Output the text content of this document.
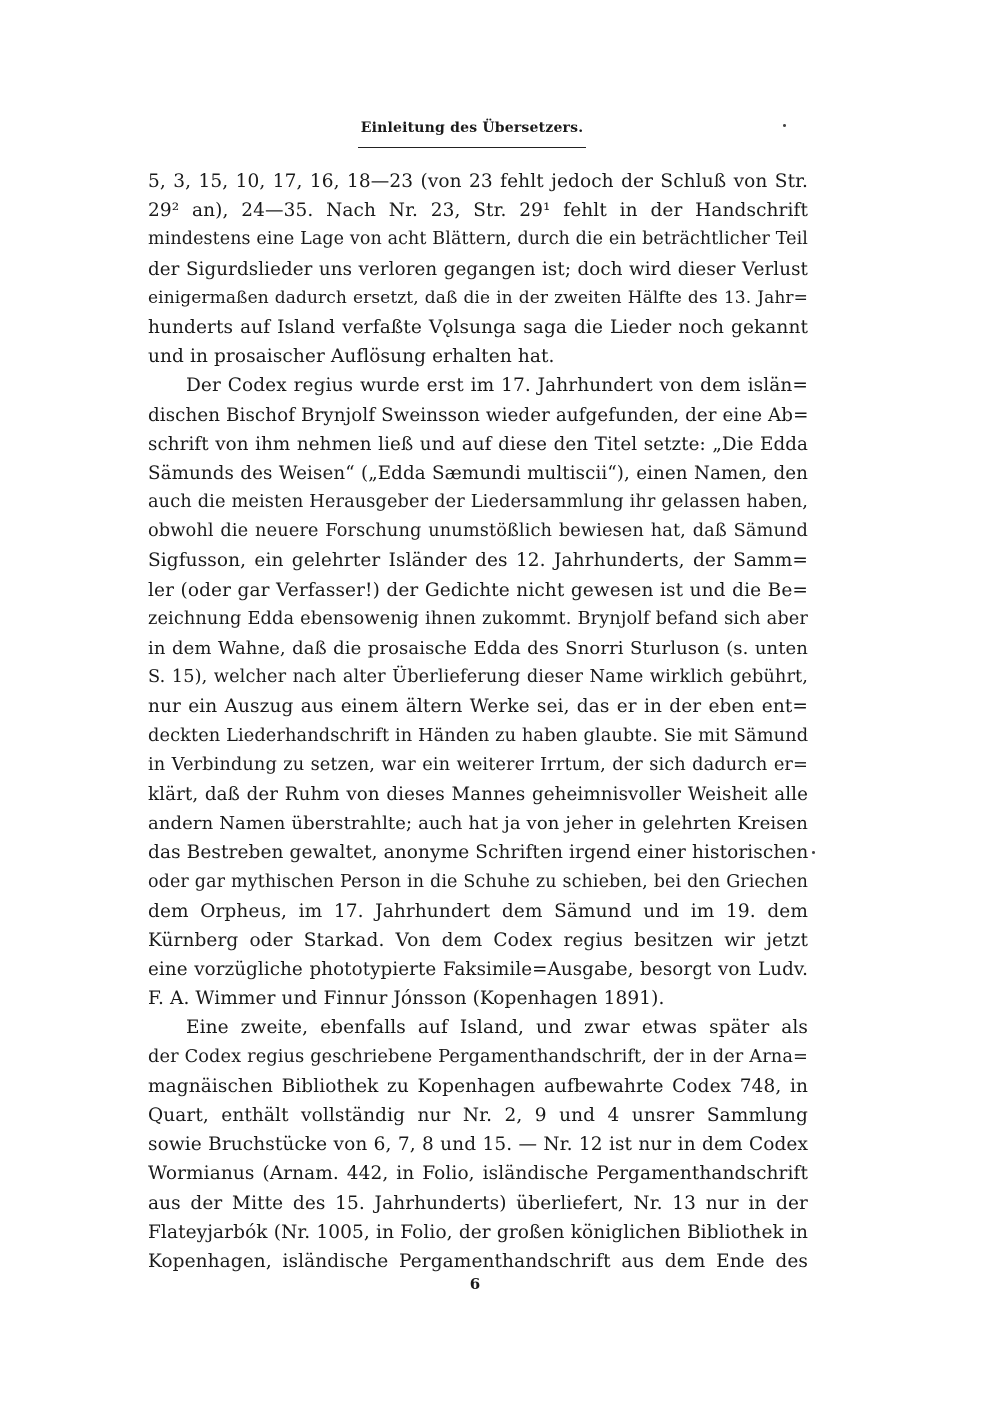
Einleitung des Übersetzers.
5, 3, 15, 10, 17, 16, 18—23 (von 23 fehlt jedoch der Schluß von Str.
29² an), 24—35. Nach Nr. 23, Str. 29¹ fehlt in der Handschrift
mindestens eine Lage von acht Blättern, durch die ein beträchtlicher Teil
der Sigurdslieder uns verloren gegangen ist; doch wird dieser Verlust
einigermaßen dadurch ersetzt, daß die in der zweiten Hälfte des 13. Jahr=
hunderts auf Island verfaßte Vǫlsunga saga die Lieder noch gekannt
und in prosaischer Auflösung erhalten hat.
Der Codex regius wurde erst im 17. Jahrhundert von dem islän=
dischen Bischof Brynjolf Sweinsson wieder aufgefunden, der eine Ab=
schrift von ihm nehmen ließ und auf diese den Titel setzte: „Die Edda
Sämunds des Weisen“ („Edda Sæmundi multiscii“), einen Namen, den
auch die meisten Herausgeber der Liedersammlung ihr gelassen haben,
obwohl die neuere Forschung unumstößlich bewiesen hat, daß Sämund
Sigfusson, ein gelehrter Isländer des 12. Jahrhunderts, der Samm=
ler (oder gar Verfasser!) der Gedichte nicht gewesen ist und die Be=
zeichnung Edda ebensowenig ihnen zukommt. Brynjolf befand sich aber
in dem Wahne, daß die prosaische Edda des Snorri Sturluson (s. unten
S. 15), welcher nach alter Überlieferung dieser Name wirklich gebührt,
nur ein Auszug aus einem ältern Werke sei, das er in der eben ent=
deckten Liederhandschrift in Händen zu haben glaubte. Sie mit Sämund
in Verbindung zu setzen, war ein weiterer Irrtum, der sich dadurch er=
klärt, daß der Ruhm von dieses Mannes geheimnisvoller Weisheit alle
andern Namen überstrahlte; auch hat ja von jeher in gelehrten Kreisen
das Bestreben gewaltet, anonyme Schriften irgend einer historischen
oder gar mythischen Person in die Schuhe zu schieben, bei den Griechen
dem Orpheus, im 17. Jahrhundert dem Sämund und im 19. dem
Kürnberg oder Starkad. Von dem Codex regius besitzen wir jetzt
eine vorzügliche phototypierte Faksimile=Ausgabe, besorgt von Ludv.
F. A. Wimmer und Finnur Jónsson (Kopenhagen 1891).
Eine zweite, ebenfalls auf Island, und zwar etwas später als
der Codex regius geschriebene Pergamenthandschrift, der in der Arna=
magnäischen Bibliothek zu Kopenhagen aufbewahrte Codex 748, in
Quart, enthält vollständig nur Nr. 2, 9 und 4 unsrer Sammlung
sowie Bruchstücke von 6, 7, 8 und 15. — Nr. 12 ist nur in dem Codex
Wormianus (Arnam. 442, in Folio, isländische Pergamenthandschrift
aus der Mitte des 15. Jahrhunderts) überliefert, Nr. 13 nur in der
Flateyjarbók (Nr. 1005, in Folio, der großen königlichen Bibliothek in
Kopenhagen, isländische Pergamenthandschrift aus dem Ende des
6
